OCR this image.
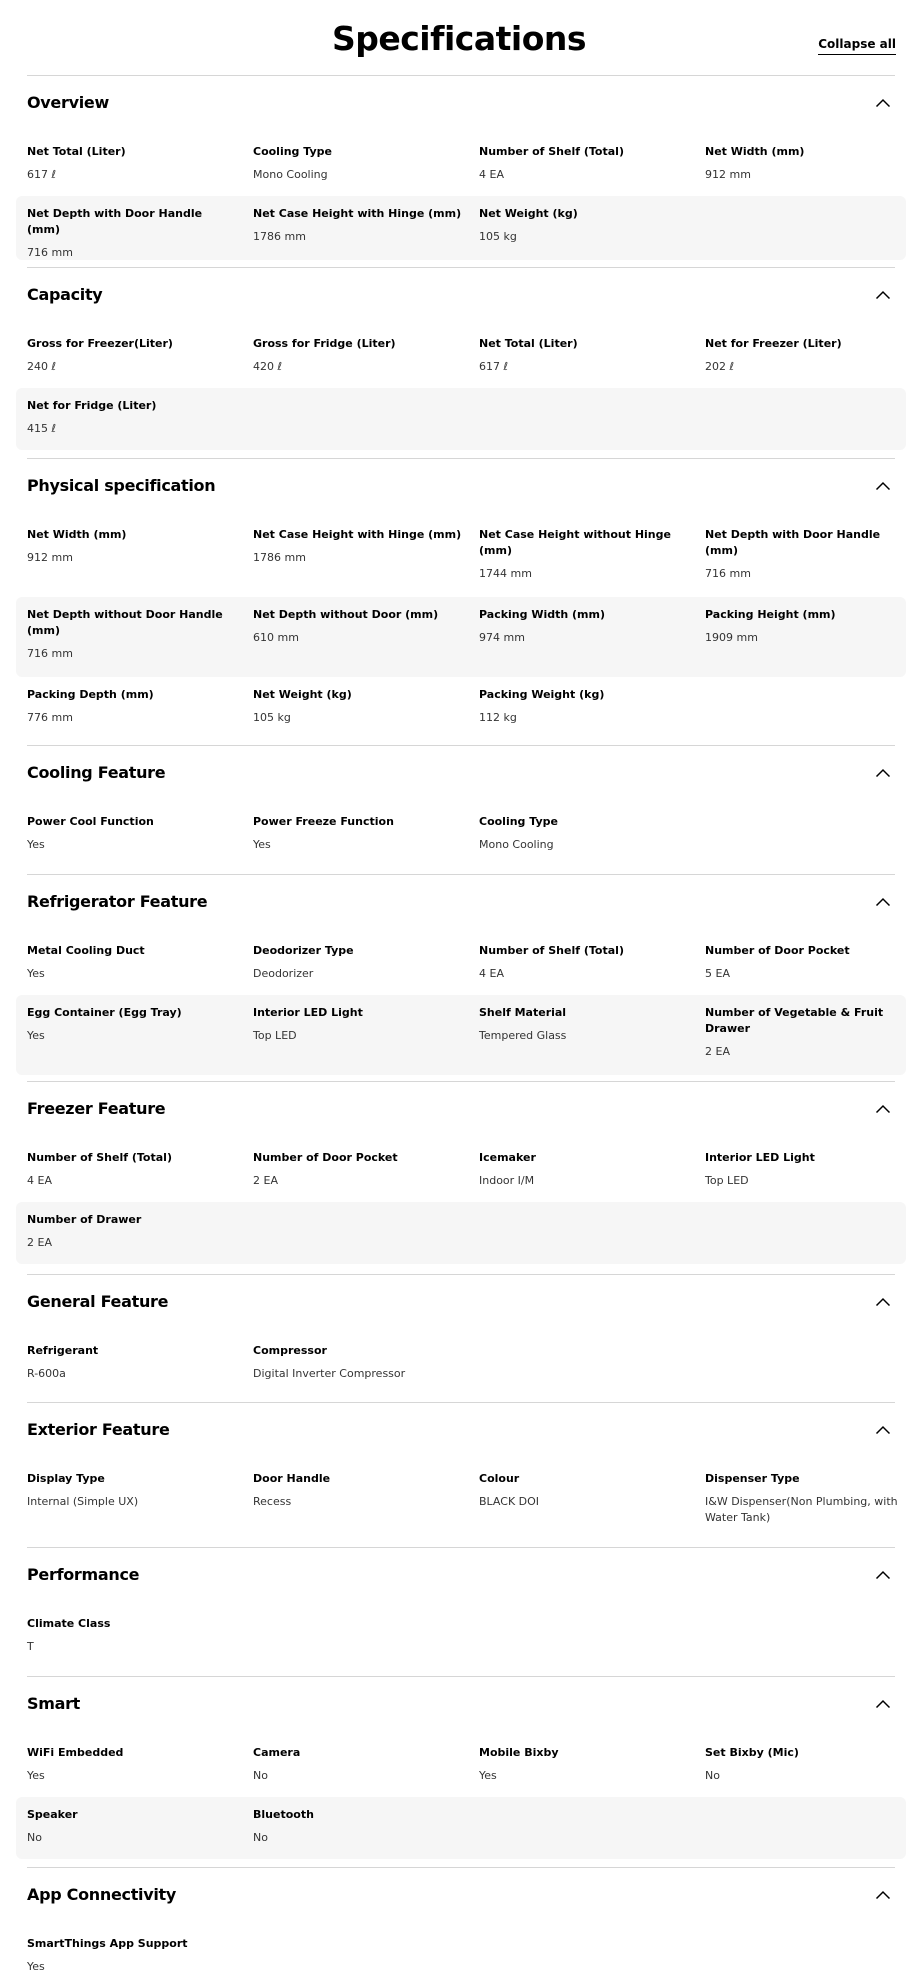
Specifications	Collapse all
Overview
Net Total (Liter)
617 ℓ
Cooling Type
Mono Cooling
Number of Shelf (Total)
4 EA
Net Width (mm)
912 mm
Net Depth with Door Handle (mm)
716 mm
Net Case Height with Hinge (mm)
1786 mm
Net Weight (kg)
105 kg
Capacity
Gross for Freezer(Liter)
240 ℓ
Gross for Fridge (Liter)
420 ℓ
Net Total (Liter)
617 ℓ
Net for Freezer (Liter)
202 ℓ
Net for Fridge (Liter)
415 ℓ
Physical specification
Net Width (mm)
912 mm
Net Case Height with Hinge (mm)
1786 mm
Net Case Height without Hinge (mm)
1744 mm
Net Depth with Door Handle (mm)
716 mm
Net Depth without Door Handle (mm)
716 mm
Net Depth without Door (mm)
610 mm
Packing Width (mm)
974 mm
Packing Height (mm)
1909 mm
Packing Depth (mm)
776 mm
Net Weight (kg)
105 kg
Packing Weight (kg)
112 kg
Cooling Feature
Power Cool Function
Yes
Power Freeze Function
Yes
Cooling Type
Mono Cooling
Refrigerator Feature
Metal Cooling Duct
Yes
Deodorizer Type
Deodorizer
Number of Shelf (Total)
4 EA
Number of Door Pocket
5 EA
Egg Container (Egg Tray)
Yes
Interior LED Light
Top LED
Shelf Material
Tempered Glass
Number of Vegetable & Fruit Drawer
2 EA
Freezer Feature
Number of Shelf (Total)
4 EA
Number of Door Pocket
2 EA
Icemaker
Indoor I/M
Interior LED Light
Top LED
Number of Drawer
2 EA
General Feature
Refrigerant
R-600a
Compressor
Digital Inverter Compressor
Exterior Feature
Display Type
Internal (Simple UX)
Door Handle
Recess
Colour
BLACK DOI
Dispenser Type
I&W Dispenser(Non Plumbing, with Water Tank)
Performance
Climate Class
T
Smart
WiFi Embedded
Yes
Camera
No
Mobile Bixby
Yes
Set Bixby (Mic)
No
Speaker
No
Bluetooth
No
App Connectivity
SmartThings App Support
Yes
